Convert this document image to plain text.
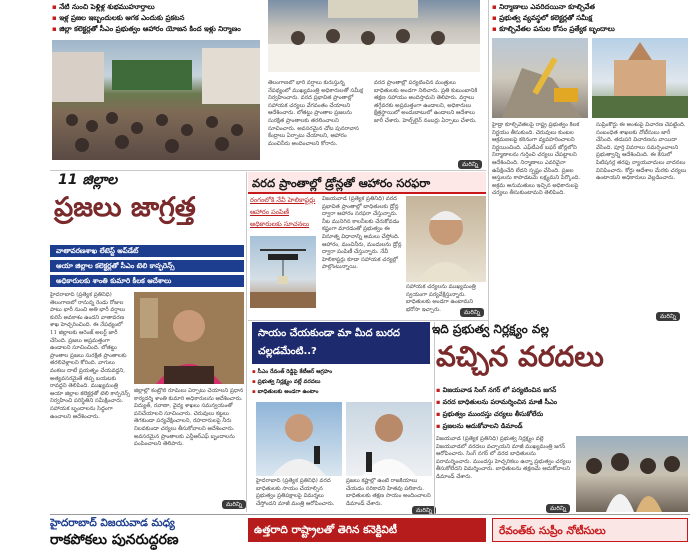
▪ నేటి నుంచి పెళ్లిళ్ల శుభముహూర్తాలు
▪ ఇళ్ల ప్రజల ఇబ్బందులకు ఆగక ఎందుకు ప్రకటన
▪ జిల్లా కలెక్టర్లతో సీఎం ప్రభుత్వం ఆహారం యోజన కింద ఇళ్లు నిర్మాణం
తెలంగాణలో భారీ వర్షాలు కురుస్తున్న నేపథ్యంలో ముఖ్యమంత్రి అధికారులతో సమీక్ష నిర్వహించారు. వరద ప్రభావిత ప్రాంతాల్లో సహాయక చర్యలు వేగవంతం చేయాలని ఆదేశించారు. లోతట్టు ప్రాంతాల ప్రజలను సురక్షిత ప్రాంతాలకు తరలించాలని సూచించారు. అవసరమైన చోట పునరావాస కేంద్రాలు ఏర్పాటు చేయాలని, ఆహారం మంచినీరు అందించాలని కోరారు.
వరద ప్రాంతాల్లో పర్యటించిన మంత్రులు బాధితులకు అండగా నిలిచారు. ప్రతి కుటుంబానికి తక్షణ సహాయం అందిస్తామని తెలిపారు. వర్షాలు తగ్గేవరకు అప్రమత్తంగా ఉండాలని, అధికారులు క్షేత్రస్థాయిలో అందుబాటులో ఉండాలని ఆదేశాలు జారీ చేశారు. హెల్ప్‌లైన్ నంబర్లు ఏర్పాటు చేశారు.
మరిన్ని
▪ నిర్మాణాలు ఎవరిదయినా కూల్చివేత
▪ ప్రభుత్వ వ్యవస్థలో కలెక్టర్లతో సమీక్ష
▪ కూల్చివేతల పనుల కోసం ప్రత్యేక బృందాలు
హైడ్రా కూల్చివేతలపై రాష్ట్ర ప్రభుత్వం కీలక నిర్ణయం తీసుకుంది. చెరువులు కుంటల ఆక్రమణలపై కఠినంగా వ్యవహరించాలని నిర్ణయించింది. ఎఫ్‌టీఎల్ బఫర్ జోన్లలోని నిర్మాణాలను గుర్తించి చర్యలు చేపట్టాలని ఆదేశించింది. నిర్మాణాలు ఎవరివైనా ఉపేక్షించేది లేదని స్పష్టం చేసింది. ప్రజల ఆస్తులను కాపాడటమే లక్ష్యమని పేర్కొంది. అక్రమ అనుమతులు ఇచ్చిన అధికారులపై చర్యలు తీసుకుంటామని తెలిపింది.
సుప్రీంకోర్టు ఈ అంశంపై విచారణ చేపట్టింది. సంబంధిత శాఖలకు నోటీసులు జారీ చేసింది. తదుపరి విచారణను వాయిదా వేసింది. పూర్తి వివరాలు సమర్పించాలని ప్రభుత్వాన్ని ఆదేశించింది. ఈ కేసులో పిటిషనర్ల తరఫు న్యాయవాదులు వాదనలు వినిపించారు. కోర్టు ఆదేశాల మేరకు చర్యలు ఉంటాయని అధికారులు వెల్లడించారు.
మరిన్ని
11 జిల్లాల
ప్రజలు జాగ్రత్త
వాతావరణశాఖ లేటెస్ట్ అప్‌డేట్
ఆయా జిల్లాల కలెక్టర్లతో సీఎం టెలి కాన్ఫరెన్స్
అధికారులకు శాంతి కుమారి కీలక ఆదేశాలు
హైదరాబాద్ (ప్రత్యేక ప్రతినిధి) తెలంగాణలో రానున్న రెండు రోజుల పాటు భారీ నుంచి అతి భారీ వర్షాలు కురిసే అవకాశం ఉందని వాతావరణ శాఖ హెచ్చరించింది. ఈ నేపథ్యంలో 11 జిల్లాలకు ఆరెంజ్ అలర్ట్ జారీ చేసింది. ప్రజలు అప్రమత్తంగా ఉండాలని సూచించింది. లోతట్టు ప్రాంతాల ప్రజలు సురక్షిత ప్రాంతాలకు తరలివెళ్లాలని కోరింది. వాగులు వంకలు దాటే ప్రయత్నం చేయవద్దని, అత్యవసరమైతే తప్ప బయటకు రావద్దని తెలిపింది. ముఖ్యమంత్రి ఆయా జిల్లాల కలెక్టర్లతో టెలి కాన్ఫరెన్స్ నిర్వహించి పరిస్థితిని సమీక్షించారు. సహాయక బృందాలను సిద్ధంగా ఉంచాలని ఆదేశించారు.
జిల్లాల్లో కంట్రోల్ రూమ్‌లు ఏర్పాటు చేయాలని ప్రధాన కార్యదర్శి శాంతి కుమారి అధికారులను ఆదేశించారు. విద్యుత్, రవాణా, వైద్య శాఖలు సమన్వయంతో పనిచేయాలని సూచించారు. చెరువులు కట్టలు తెగకుండా పర్యవేక్షించాలని, రహదారులపై నీరు నిలవకుండా చర్యలు తీసుకోవాలని ఆదేశించారు. అవసరమైన ప్రాంతాలకు ఎన్డీఆర్ఎఫ్ బృందాలను పంపించాలని తెలిపారు.
మరిన్ని
వరద ప్రాంతాల్లో డ్రోన్లతో ఆహారం సరఫరా
రంగంలోకి నేవీ హెలికాప్టర్లు
ఆహారం పంపిణీ
అధికారులకు సూచనలు
విజయవాడ (ప్రత్యేక ప్రతినిధి) వరద ప్రభావిత ప్రాంతాల్లో బాధితులకు డ్రోన్ల ద్వారా ఆహారం సరఫరా చేస్తున్నారు. నీట మునిగిన కాలనీలకు చేరుకోవడం కష్టంగా మారడంతో ప్రభుత్వం ఈ వినూత్న విధానాన్ని అమలు చేస్తోంది. ఆహారం, మంచినీరు, మందులను డ్రోన్ల ద్వారా పంపిణీ చేస్తున్నారు. నేవీ హెలికాప్టర్లు కూడా సహాయక చర్యల్లో పాల్గొంటున్నాయి.
సహాయక చర్యలను ముఖ్యమంత్రి స్వయంగా పర్యవేక్షిస్తున్నారు. బాధితులకు అండగా ఉంటామని భరోసా ఇచ్చారు.	మరిన్ని
సాయం చేయకుండా మా మీద బురద చల్లడమేంటి..?
▪ సీఎం రేవంత్ రెడ్డిపై కేటీఆర్ ఆగ్రహం
▪ ప్రభుత్వ నిర్లక్ష్యం వల్లే వరదలు
▪ బాధితులకు అండగా ఉంటాం
హైదరాబాద్ (ప్రత్యేక ప్రతినిధి) వరద బాధితులకు సాయం చేయాల్సిన ప్రభుత్వం ప్రతిపక్షాలపై విమర్శలు చేస్తోందని మాజీ మంత్రి ఆరోపించారు.
ప్రజలు కష్టాల్లో ఉంటే రాజకీయాలు చేయడం సరికాదని హితవు పలికారు. బాధితులకు తక్షణ సాయం అందించాలని డిమాండ్ చేశారు.
మరిన్ని
ఇది ప్రభుత్వ నిర్లక్ష్యం వల్ల
వచ్చిన వరదలు
▪ విజయవాడ సింగ్ నగర్ లో పర్యటించిన జగన్
▪ వరద బాధితులను పరామర్శించిన మాజీ సీఎం
▪ ప్రభుత్వం ముందస్తు చర్యలు తీసుకోలేదు
▪ ప్రజలను ఆదుకోవాలని డిమాండ్
విజయవాడ (ప్రత్యేక ప్రతినిధి) ప్రభుత్వ నిర్లక్ష్యం వల్లే విజయవాడలో వరదలు వచ్చాయని మాజీ ముఖ్యమంత్రి జగన్ ఆరోపించారు. సింగ్ నగర్ లో వరద బాధితులను పరామర్శించారు. ముందస్తు హెచ్చరికలు ఉన్నా ప్రభుత్వం చర్యలు తీసుకోలేదని విమర్శించారు. బాధితులను తక్షణమే ఆదుకోవాలని డిమాండ్ చేశారు.
మరిన్ని
హైదరాబాద్ విజయవాడ మధ్య
రాకపోకలు పునరుద్ధరణ
ఉత్తరాది రాష్ట్రాలతో తెగిన కనెక్టివిటీ	రేవంత్‌కు సుప్రీం నోటీసులు
